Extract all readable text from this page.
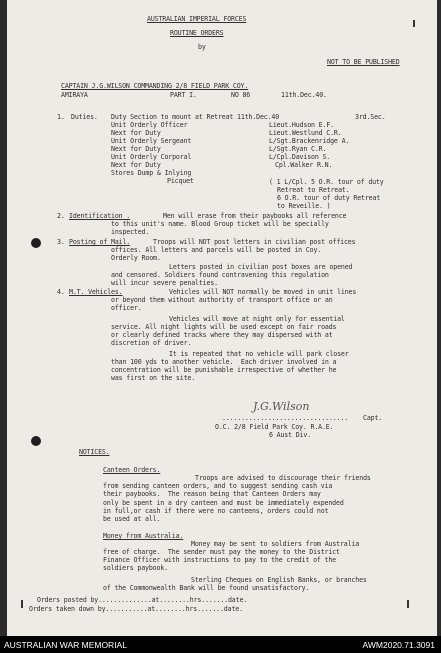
AUSTRALIAN IMPERIAL FORCES
ROUTINE ORDERS
by
NOT TO BE PUBLISHED
CAPTAIN J.G.WILSON COMMANDING 2/8 FIELD PARK COY.
AMIRAYA	PART I.	NO 86	11th.Dec.40.
1. Duties. Duty Section to mount at Retreat 11th.Dec.40	3rd.Sec.
Unit Orderly Officer	Lieut.Hudson E.F.
Next for Duty	Lieut.Westlund C.R.
Unit Orderly Sergeant	L/Sgt.Brackenridge A.
Next for Duty	L/Sgt.Ryan C.R.
Unit Orderly Corporal	L/Cpl.Davison S.
Next for Duty	Cpl.Walker R.N.
Stores Dump & Inlying
Picquet	( 1 L/Cpl. 5 O.R. tour of duty
Retreat to Retreat.
6 O.R. tour of duty Retreat
to Reveille. )
2. Identification .	Men will erase from their paybooks all reference
to this unit's name. Blood Group ticket will be specially
inspected.
3. Posting of Mail.	Troops will NOT post letters in civilian post offices
offices. All letters and parcels will be posted in Coy.
Orderly Room.
Letters posted in civilian post boxes are opened
and censored. Soldiers found contravening this regulation
will incur severe penalties.
4. M.T. Vehicles.	Vehicles will NOT normally be moved in unit lines
or beyond them without authority of transport office or an
officer.
Vehicles will move at night only for essential
service. All night lights will be used except on fair roads
or clearly defined tracks where they may dispersed with at
discretion of driver.
It is repeated that no vehicle will park closer
than 100 yds to another vehicle.  Each driver involved in a
concentration will be punishable irrespective of whether he
was first on the site.
J.G.Wilson
................................. Capt.
O.C. 2/8 Field Park Coy. R.A.E.
6 Aust Div.
NOTICES.
Canteen Orders.
Troops are advised to discourage their friends
from sending canteen orders, and to suggest sending cash via
their paybooks.  The reason being that Canteen Orders may
only be spent in a dry canteen and must be immediately expended
in full,or cash if there were no canteens, orders could not
be used at all.
Money from Australia.
Money may be sent to soldiers from Australia
free of charge.  The sender must pay the money to the District
Finance Officer with instructions to pay to the credit of the
soldiers paybook.
Sterling Cheques on English Banks, or branches
of the Commonwealth Bank will be found unsatisfactory.
Orders posted by..............at........hrs.......date.
Orders taken down by...........at........hrs.......date.
AUSTRALIAN WAR MEMORIAL	AWM2020.71.3091
